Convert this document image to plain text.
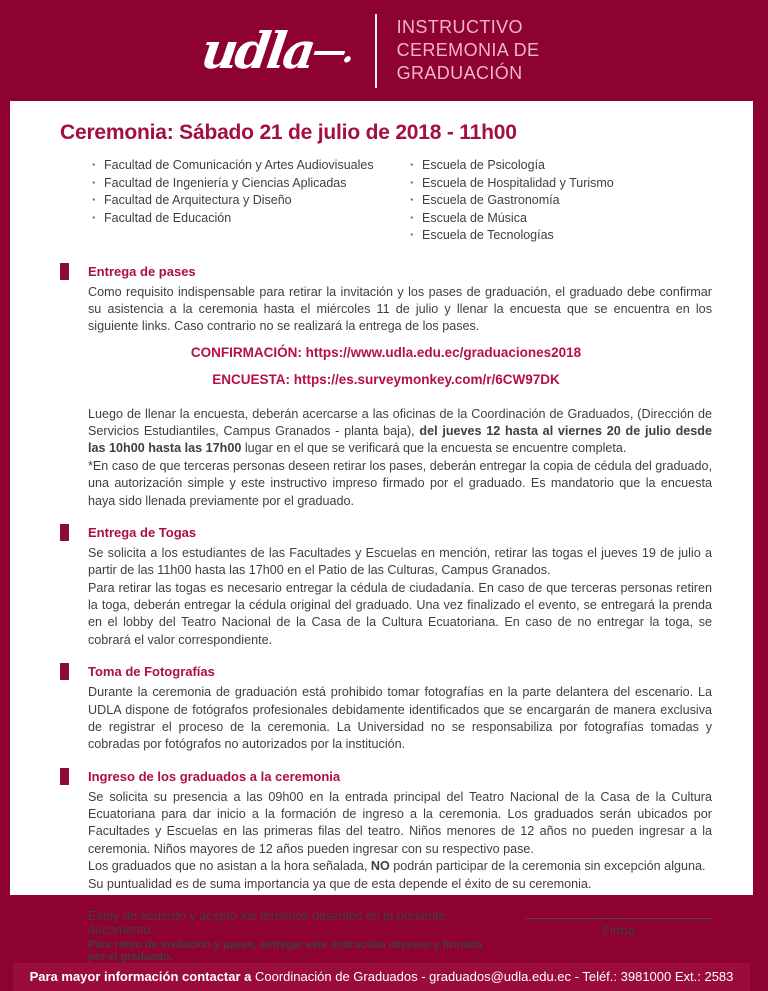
udla—.
INSTRUCTIVO
CEREMONIA DE
GRADUACIÓN
Ceremonia: Sábado 21 de julio de 2018 - 11h00
· Facultad de Comunicación y Artes Audiovisuales
· Facultad de Ingeniería y Ciencias Aplicadas
· Facultad de Arquitectura y Diseño
· Facultad de Educación
· Escuela de Psicología
· Escuela de Hospitalidad y Turismo
· Escuela de Gastronomía
· Escuela de Música
· Escuela de Tecnologías
Entrega de pases

Como requisito indispensable para retirar la invitación y los pases de graduación, el graduado debe confirmar su asistencia a la ceremonia hasta el miércoles 11 de julio y llenar la encuesta que se encuentra en los siguiente links. Caso contrario no se realizará la entrega de los pases.

CONFIRMACIÓN: https://www.udla.edu.ec/graduaciones2018
ENCUESTA: https://es.surveymonkey.com/r/6CW97DK

Luego de llenar la encuesta, deberán acercarse a las oficinas de la Coordinación de Graduados, (Dirección de Servicios Estudiantiles, Campus Granados - planta baja), del jueves 12 hasta al viernes 20 de julio desde las 10h00 hasta las 17h00 lugar en el que se verificará que la encuesta se encuentre completa.

*En caso de que terceras personas deseen retirar los pases, deberán entregar la copia de cédula del graduado, una autorización simple y este instructivo impreso firmado por el graduado. Es mandatorio que la encuesta haya sido llenada previamente por el graduado.

Entrega de Togas

Se solicita a los estudiantes de las Facultades y Escuelas en mención, retirar las togas el jueves 19 de julio a partir de las 11h00 hasta las 17h00 en el Patio de las Culturas, Campus Granados.

Para retirar las togas es necesario entregar la cédula de ciudadanía. En caso de que terceras personas retiren la toga, deberán entregar la cédula original del graduado. Una vez finalizado el evento, se entregará la prenda en el lobby del Teatro Nacional de la Casa de la Cultura Ecuatoriana. En caso de no entregar la toga, se cobrará el valor correspondiente.

Toma de Fotografías

Durante la ceremonia de graduación está prohibido tomar fotografías en la parte delantera del escenario. La UDLA dispone de fotógrafos profesionales debidamente identificados que se encargarán de manera exclusiva de registrar el proceso de la ceremonia. La Universidad no se responsabiliza por fotografías tomadas y cobradas por fotógrafos no autorizados por la institución.

Ingreso de los graduados a la ceremonia

Se solicita su presencia a las 09h00 en la entrada principal del Teatro Nacional de la Casa de la Cultura Ecuatoriana para dar inicio a la formación de ingreso a la ceremonia. Los graduados serán ubicados por Facultades y Escuelas en las primeras filas del teatro. Niños menores de 12 años no pueden ingresar a la ceremonia. Niños mayores de 12 años pueden ingresar con su respectivo pase.

Los graduados que no asistan a la hora señalada, NO podrán participar de la ceremonia sin excepción alguna.

Su puntualidad es de suma importancia ya que de esta depende el éxito de su ceremonia.

Estoy de acuerdo y acepto los términos descritos en el presente documento:

Para retiro de invitación y pases, entregar este instructivo impreso y firmado por el graduado.

Firma
Para mayor información contactar a Coordinación de Graduados - graduados@udla.edu.ec - Teléf.: 3981000 Ext.: 2583
